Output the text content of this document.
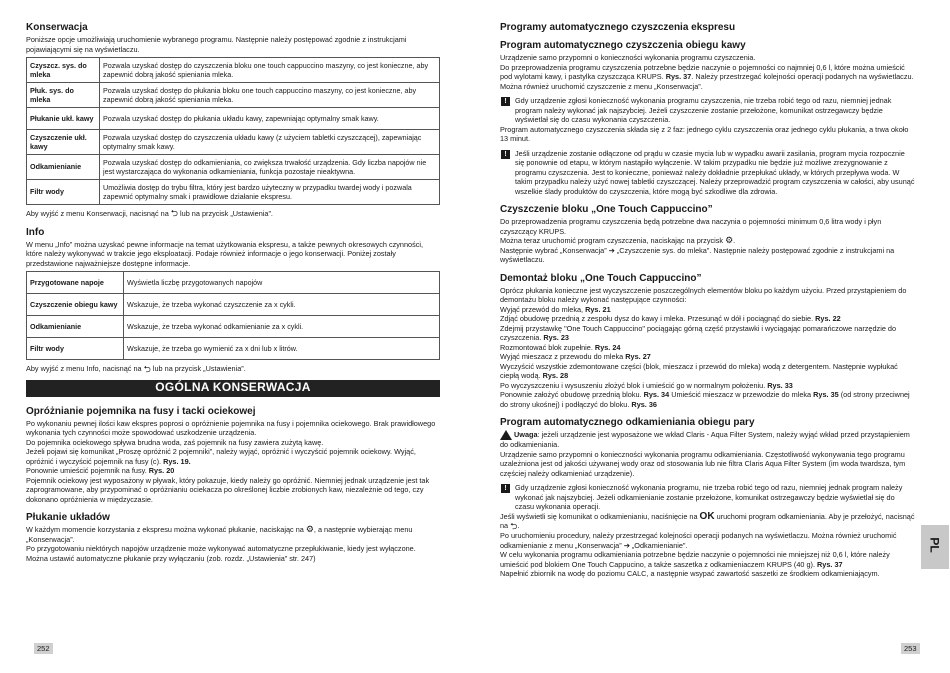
Konserwacja

Poniższe opcje umożliwiają uruchomienie wybranego programu. Następnie należy postępować zgodnie z instrukcjami pojawiającymi się na wyświetlaczu.

Czyszcz. sys. do mleka	Pozwala uzyskać dostęp do czyszczenia bloku one touch cappuccino maszyny, co jest konieczne, aby zapewnić dobrą jakość spieniania mleka.
Płuk. sys. do mleka	Pozwala uzyskać dostęp do płukania bloku one touch cappuccino maszyny, co jest konieczne, aby zapewnić dobrą jakość spieniania mleka.
Płukanie ukł. kawy	Pozwala uzyskać dostęp do płukania układu kawy, zapewniając optymalny smak kawy.
Czyszczenie ukł. kawy	Pozwala uzyskać dostęp do czyszczenia układu kawy (z użyciem tabletki czyszczącej), zapewniając optymalny smak kawy.
Odkamienianie	Pozwala uzyskać dostęp do odkamieniania, co zwiększa trwałość urządzenia. Gdy liczba napojów nie jest wystarczająca do wykonania odkamieniania, funkcja pozostaje nieaktywna.
Filtr wody	Umożliwia dostęp do trybu filtra, który jest bardzo użyteczny w przypadku twardej wody i pozwala zapewnić optymalny smak i prawidłowe działanie ekspresu.

Aby wyjść z menu Konserwacji, nacisnąć na ⮌ lub na przycisk „Ustawienia”.

Info

W menu „Info” można uzyskać pewne informacje na temat użytkowania ekspresu, a także pewnych okresowych czynności, które należy wykonywać w trakcie jego eksploatacji. Podaje również informacje o jego konserwacji. Poniżej zostały przedstawione najważniejsze dostępne informacje.

Przygotowane napoje	Wyświetla liczbę przygotowanych napojów
Czyszczenie obiegu kawy	Wskazuje, że trzeba wykonać czyszczenie za x cykli.
Odkamienianie	Wskazuje, że trzeba wykonać odkamienianie za x cykli.
Filtr wody	Wskazuje, że trzeba go wymienić za x dni lub x litrów.

Aby wyjść z menu Info, nacisnąć na ⮌ lub na przycisk „Ustawienia”.

OGÓLNA KONSERWACJA
Opróżnianie pojemnika na fusy i tacki ociekowej

Po wykonaniu pewnej ilości kaw ekspres poprosi o opróżnienie pojemnika na fusy i pojemnika ociekowego. Brak prawidłowego wykonania tych czynności może spowodować uszkodzenie urządzenia.

Do pojemnika ociekowego spływa brudna woda, zaś pojemnik na fusy zawiera zużytą kawę.

Jeżeli pojawi się komunikat „Proszę opróżnić 2 pojemniki”, należy wyjąć, opróżnić i wyczyścić pojemnik ociekowy. Wyjąć, opróżnić i wyczyścić pojemnik na fusy (c). Rys. 19.

Ponownie umieścić pojemnik na fusy. Rys. 20

Pojemnik ociekowy jest wyposażony w pływak, który pokazuje, kiedy należy go opróżnić. Niemniej jednak urządzenie jest tak zaprogramowane, aby przypominać o opróżnianiu ociekacza po określonej liczbie zrobionych kaw, niezależnie od tego, czy dokonano opróżnienia w międzyczasie.

Płukanie układów

W każdym momencie korzystania z ekspresu można wykonać płukanie, naciskając na ⚙, a następnie wybierając menu „Konserwacja”.

Po przygotowaniu niektórych napojów urządzenie może wykonywać automatyczne przepłukiwanie, kiedy jest wyłączone.

Można ustawić automatyczne płukanie przy wyłączaniu (zob. rozdz. „Ustawienia” str. 247)

Programy automatycznego czyszczenia ekspresu
Program automatycznego czyszczenia obiegu kawy

Urządzenie samo przypomni o konieczności wykonania programu czyszczenia.

Do przeprowadzenia programu czyszczenia potrzebne będzie naczynie o pojemności co najmniej 0,6 l, które można umieścić pod wylotami kawy, i pastylka czyszcząca KRUPS. Rys. 37. Należy przestrzegać kolejności operacji podanych na wyświetlaczu.

Można również uruchomić czyszczenie z menu „Konserwacja”.

!	Gdy urządzenie zgłosi konieczność wykonania programu czyszczenia, nie trzeba robić tego od razu, niemniej jednak program należy wykonać jak najszybciej. Jeżeli czyszczenie zostanie przełożone, komunikat ostrzegawczy będzie wyświetlał się do czasu wykonania czyszczenia.

Program automatycznego czyszczenia składa się z 2 faz: jednego cyklu czyszczenia oraz jednego cyklu płukania, a trwa około 13 minut.

!	Jeśli urządzenie zostanie odłączone od prądu w czasie mycia lub w wypadku awarii zasilania, program mycia rozpocznie się ponownie od etapu, w którym nastąpiło wyłączenie. W takim przypadku nie będzie już możliwe zrezygnowanie z programu czyszczenia. Jest to konieczne, ponieważ należy dokładnie przepłukać układy, w których przepływa woda. W takim przypadku należy użyć nowej tabletki czyszczącej. Należy przeprowadzić program czyszczenia w całości, aby usunąć wszelkie ślady produktów do czyszczenia, które mogą być szkodliwe dla zdrowia.
Czyszczenie bloku „One Touch Cappuccino”

Do przeprowadzenia programu czyszczenia będą potrzebne dwa naczynia o pojemności minimum 0,6 litra wody i płyn czyszczący KRUPS.

Można teraz uruchomić program czyszczenia, naciskając na przycisk ⚙.

Następnie wybrać „Konserwacja” ➔ „Czyszczenie sys. do mleka”. Następnie należy postępować zgodnie z instrukcjami na wyświetlaczu.

Demontaż bloku „One Touch Cappuccino”

Oprócz płukania konieczne jest wyczyszczenie poszczególnych elementów bloku po każdym użyciu. Przed przystąpieniem do demontażu bloku należy wykonać następujące czynności:

Wyjąć przewód do mleka, Rys. 21

Zdjąć obudowę przednią z zespołu dysz do kawy i mleka. Przesunąć w dół i pociągnąć do siebie. Rys. 22

Zdejmij przystawkę "One Touch Cappuccino" pociągając górną część przystawki i wyciągając pomarańczowe narzędzie do czyszczenia. Rys. 23

Rozmontować blok zupełnie. Rys. 24

Wyjąć mieszacz z przewodu do mleka Rys. 27

Wyczyścić wszystkie zdemontowane części (blok, mieszacz i przewód do mleka) wodą z detergentem. Następnie wypłukać ciepłą wodą. Rys. 28

Po wyczyszczeniu i wysuszeniu złożyć blok i umieścić go w normalnym położeniu. Rys. 33

Ponownie założyć obudowę przednią bloku. Rys. 34 Umieścić mieszacz w przewodzie do mleka Rys. 35 (od strony przeciwnej do strony ukośnej) i podłączyć do bloku. Rys. 36

Program automatycznego odkamieniania obiegu pary

Uwaga: jeżeli urządzenie jest wyposażone we wkład Claris - Aqua Filter System, należy wyjąć wkład przed przystąpieniem do odkamieniania.

Urządzenie samo przypomni o konieczności wykonania programu odkamieniania. Częstotliwość wykonywania tego programu uzależniona jest od jakości używanej wody oraz od stosowania lub nie filtra Claris Aqua Filter System (im woda twardsza, tym częściej należy odkamieniać urządzenie).

!	Gdy urządzenie zgłosi konieczność wykonania programu, nie trzeba robić tego od razu, niemniej jednak program należy wykonać jak najszybciej. Jeżeli odkamienianie zostanie przełożone, komunikat ostrzegawczy będzie wyświetlał się do czasu wykonania operacji.

Jeśli wyświetli się komunikat o odkamienianiu, naciśnięcie na OK uruchomi program odkamieniania. Aby je przełożyć, nacisnąć na ⮌.

Po uruchomieniu procedury, należy przestrzegać kolejności operacji podanych na wyświetlaczu. Można również uruchomić odkamienianie z menu „Konserwacja” ➔ „Odkamienianie”.

W celu wykonania programu odkamieniania potrzebne będzie naczynie o pojemności nie mniejszej niż 0,6 l, które należy umieścić pod blokiem One Touch Cappucino, a także saszetka z odkamieniaczem KRUPS (40 g). Rys. 37

Napełnić zbiornik na wodę do poziomu CALC, a następnie wsypać zawartość saszetki ze środkiem odkamieniającym.

252	253
PL
